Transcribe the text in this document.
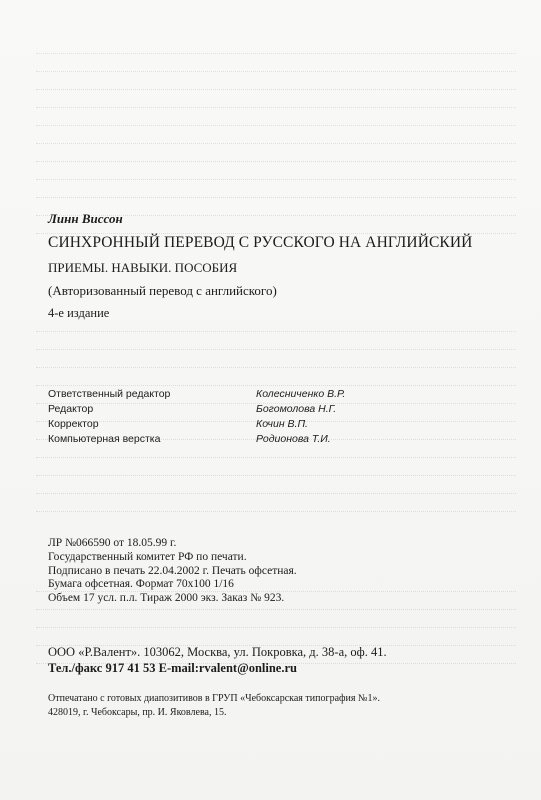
Линн Виссон
СИНХРОННЫЙ ПЕРЕВОД С РУССКОГО НА АНГЛИЙСКИЙ
ПРИЕМЫ. НАВЫКИ. ПОСОБИЯ
(Авторизованный перевод с английского)
4-е издание
Ответственный редактор	Колесниченко В.Р.
Редактор	Богомолова Н.Г.
Корректор	Кочин В.П.
Компьютерная верстка	Родионова Т.И.
ЛР №066590 от 18.05.99 г.
Государственный комитет РФ по печати.
Подписано в печать 22.04.2002 г. Печать офсетная.
Бумага офсетная. Формат 70х100 1/16
Объем 17 усл. п.л. Тираж 2000 экз. Заказ № 923.
ООО «Р.Валент». 103062, Москва, ул. Покровка, д. 38-а, оф. 41.
Тел./факс 917 41 53 E-mail:rvalent@online.ru
Отпечатано с готовых диапозитивов в ГРУП «Чебоксарская типография №1».
428019, г. Чебоксары, пр. И. Яковлева, 15.
